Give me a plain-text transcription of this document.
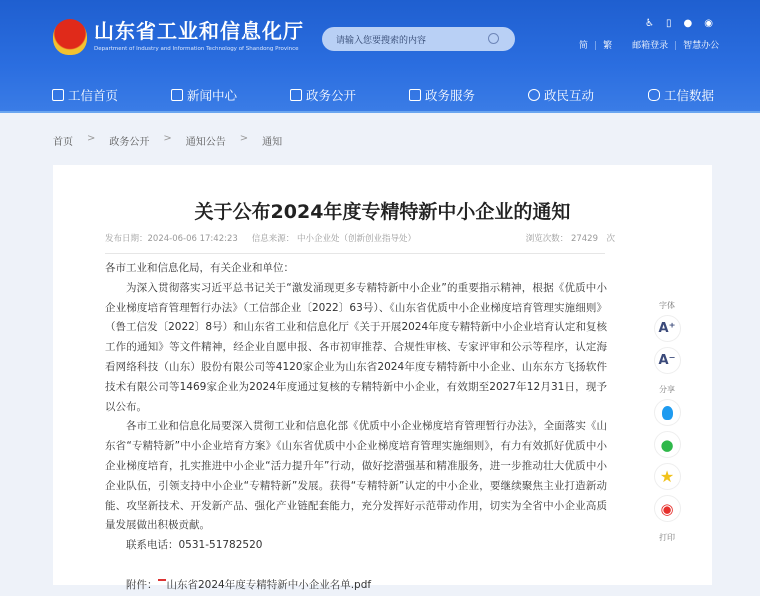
山东省工业和信息化厅
Department of Industry and Information Technology of Shandong Province
请输入您要搜索的内容
♿ ▯ ● ◉
简 | 繁 邮箱登录 | 智慧办公
工信首页	新闻中心	政务公开	政务服务	政民互动	工信数据
首页 > 政务公开 > 通知公告 > 通知
关于公布2024年度专精特新中小企业的通知
发布日期：2024-06-06 17:42:23 信息来源： 中小企业处（创新创业指导处）	浏览次数： 27429　次

各市工业和信息化局，有关企业和单位：

为深入贯彻落实习近平总书记关于“激发涌现更多专精特新中小企业”的重要指示精神，根据《优质中小企业梯度培育管理暂行办法》（工信部企业〔2022〕63号）、《山东省优质中小企业梯度培育管理实施细则》（鲁工信发〔2022〕8号）和山东省工业和信息化厅《关于开展2024年度专精特新中小企业培育认定和复核工作的通知》等文件精神，经企业自愿申报、各市初审推荐、合规性审核、专家评审和公示等程序，认定海看网络科技（山东）股份有限公司等4120家企业为山东省2024年度专精特新中小企业、山东东方飞扬软件技术有限公司等1469家企业为2024年度通过复核的专精特新中小企业，有效期至2027年12月31日，现予以公布。

各市工业和信息化局要深入贯彻工业和信息化部《优质中小企业梯度培育管理暂行办法》，全面落实《山东省“专精特新”中小企业培育方案》《山东省优质中小企业梯度培育管理实施细则》，有力有效抓好优质中小企业梯度培育，扎实推进中小企业“活力提升年”行动，做好挖潜强基和精准服务，进一步推动壮大优质中小企业队伍，引领支持中小企业“专精特新”发展。获得“专精特新”认定的中小企业，要继续聚焦主业打造新动能、攻坚新技术、开发新产品、强化产业链配套能力，充分发挥好示范带动作用，切实为全省中小企业高质量发展做出积极贡献。

联系电话：0531-51782520

附件： 山东省2024年度专精特新中小企业名单.pdf

字体
A⁺
A⁻
分享
●
★
◉
打印
